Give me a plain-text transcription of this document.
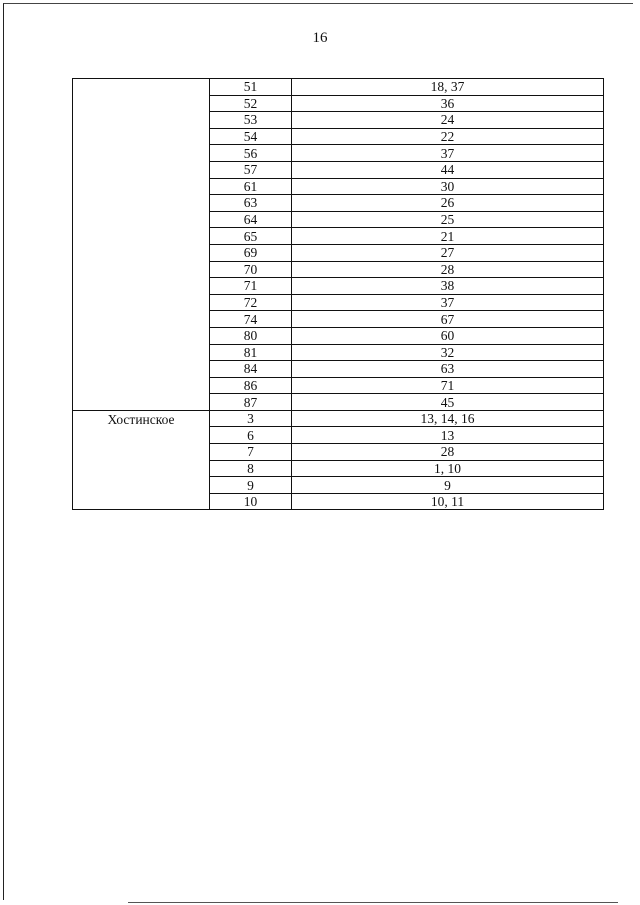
16
	51	18, 37
	52	36
	53	24
	54	22
	56	37
	57	44
	61	30
	63	26
	64	25
	65	21
	69	27
	70	28
	71	38
	72	37
	74	67
	80	60
	81	32
	84	63
	86	71
	87	45
Хостинское	3	13, 14, 16
	6	13
	7	28
	8	1, 10
	9	9
	10	10, 11
